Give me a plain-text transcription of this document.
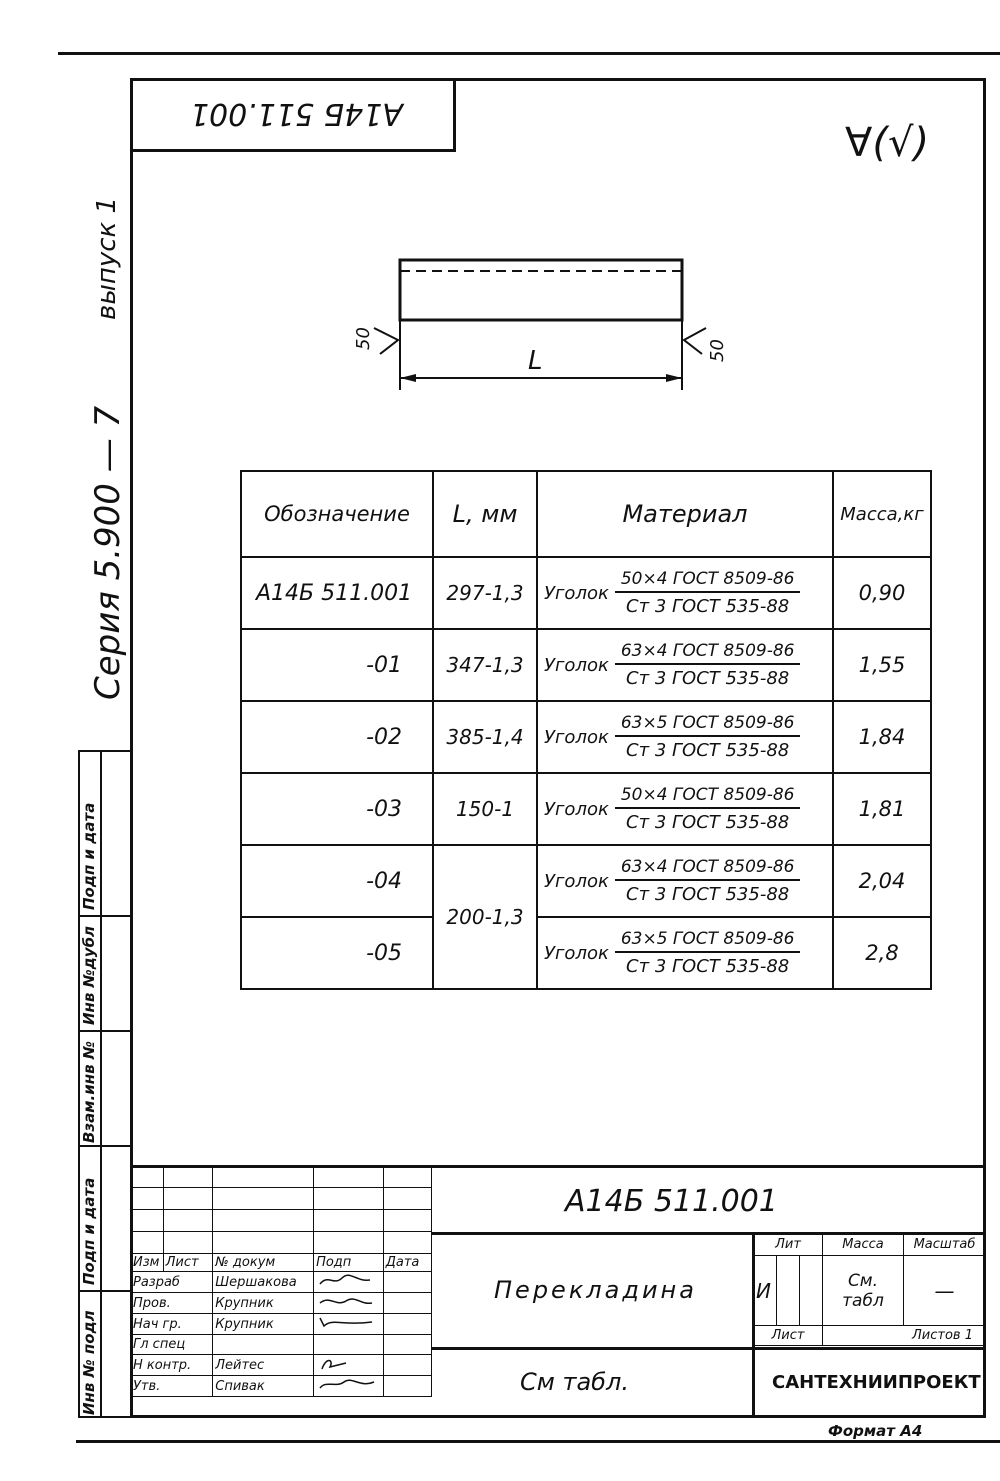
A14Б 511.001
∀(√)
выпуск 1
Серия 5.900 — 7
Подп и дата
Инв №дубл
Взам.инв №
Подп и дата
Инв № подл
50
50
L
Обозначение	L, мм	Материал	Масса,кг
A14Б 511.001	297-1,3	Уголок $\frac{\text{50×4 ГОСТ 8509-86}}{\text{Ст 3 ГОСТ 535-88}}$	0,90
-01	347-1,3	Уголок $\frac{\text{63×4 ГОСТ 8509-86}}{\text{Ст 3 ГОСТ 535-88}}$	1,55
-02	385-1,4	Уголок $\frac{\text{63×5 ГОСТ 8509-86}}{\text{Ст 3 ГОСТ 535-88}}$	1,84
-03	150-1	Уголок $\frac{\text{50×4 ГОСТ 8509-86}}{\text{Ст 3 ГОСТ 535-88}}$	1,81
-04	200-1,3	Уголок $\frac{\text{63×4 ГОСТ 8509-86}}{\text{Ст 3 ГОСТ 535-88}}$	2,04
-05		Уголок $\frac{\text{63×5 ГОСТ 8509-86}}{\text{Ст 3 ГОСТ 535-88}}$	2,8

Изм	Лист	№ докум	Подп	Дата
Разраб		Шершакова		
Пров.		Крупник		
Нач гр.		Крупник		
Гл спец				
Н контр.		Лейтес		
Утв.		Спивак		
A14Б 511.001
Перекладина
См табл.
Лит			Масса	Масштаб
И			См. табл	—
Лист			Листов 1	
САНТЕХНИИПРОЕКТ
Формат А4
